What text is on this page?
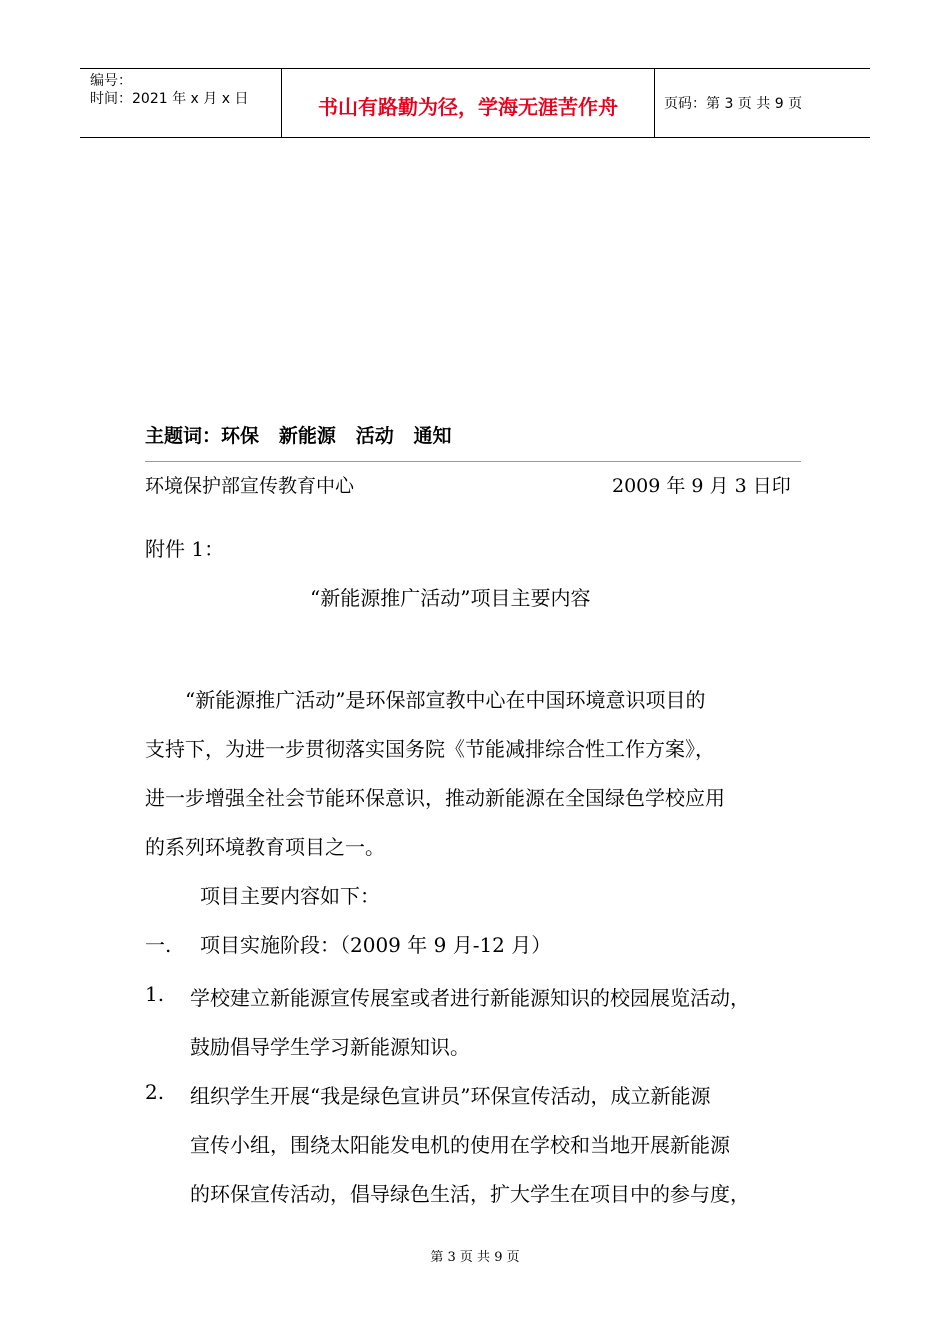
编号：
时间：2021 年 x 月 x 日	书山有路勤为径，学海无涯苦作舟	页码：第 3 页 共 9 页
主题词：环保   新能源   活动   通知
环境保护部宣传教育中心	2009 年 9 月 3 日印
附件 1：
“新能源推广活动”项目主要内容
“新能源推广活动”是环保部宣教中心在中国环境意识项目的
支持下，为进一步贯彻落实国务院《节能减排综合性工作方案》，
进一步增强全社会节能环保意识，推动新能源在全国绿色学校应用
的系列环境教育项目之一。
项目主要内容如下：
一. 项目实施阶段：（2009 年 9 月-12 月）
1. 学校建立新能源宣传展室或者进行新能源知识的校园展览活动，
鼓励倡导学生学习新能源知识。
2. 组织学生开展“我是绿色宣讲员”环保宣传活动，成立新能源
宣传小组，围绕太阳能发电机的使用在学校和当地开展新能源
的环保宣传活动，倡导绿色生活，扩大学生在项目中的参与度，
第 3 页 共 9 页
